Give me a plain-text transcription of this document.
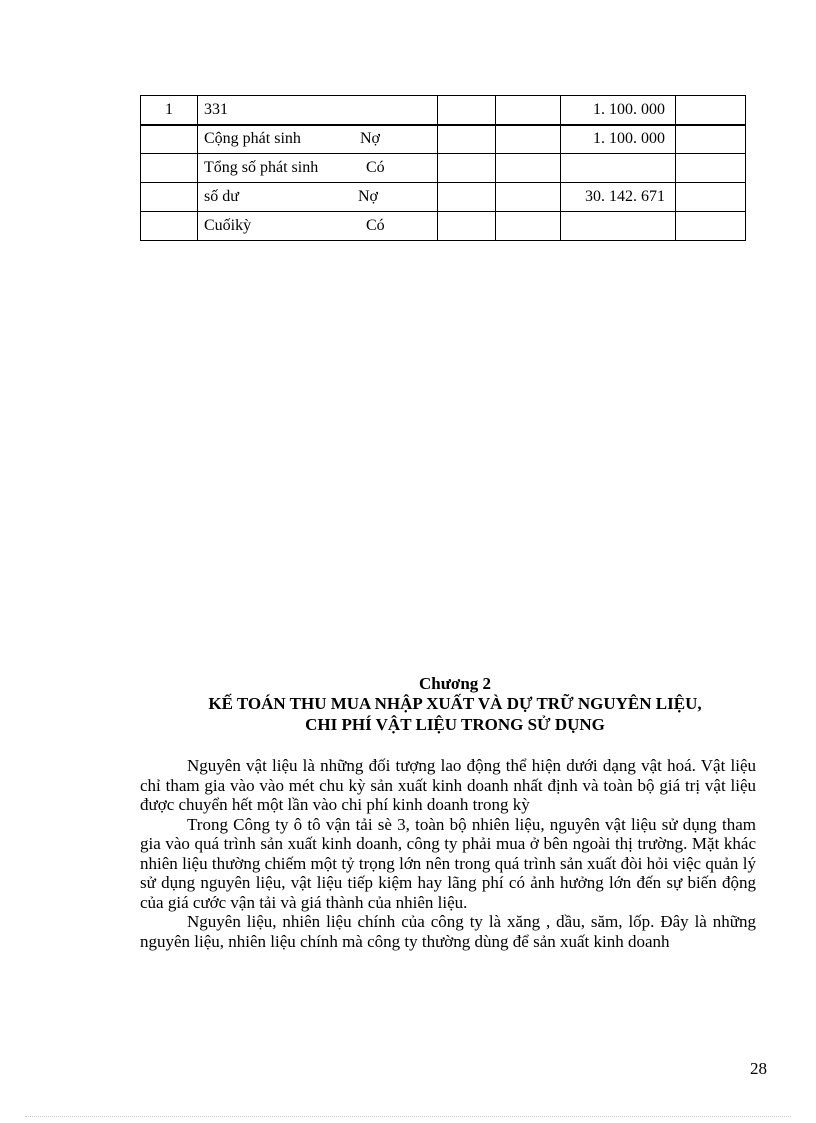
1	331			1. 100. 000	
	Cộng phát sinh Nợ			1. 100. 000	
	Tổng số phát sinh Có				

	số dư Nợ			30. 142. 671	
	Cuốikỳ Có				

Chương 2
KẾ TOÁN THU MUA NHẬP XUẤT VÀ DỰ TRỮ NGUYÊN LIỆU,
CHI PHÍ VẬT LIỆU TRONG SỬ DỤNG

Nguyên vật liệu là những đối tượng lao động thể hiện dưới dạng vật hoá. Vật liệu chỉ tham gia vào vào mét chu kỳ sản xuất kinh doanh nhất định và toàn bộ giá trị vật liệu được chuyển hết một lần vào chi phí kinh doanh trong kỳ

Trong Công ty ô tô vận tải sè 3, toàn bộ nhiên liệu, nguyên vật liệu sử dụng tham gia vào quá trình sản xuất kinh doanh, công ty phải mua ở bên ngoài thị trường. Mặt khác nhiên liệu thường chiếm một tỷ trọng lớn nên trong quá trình sản xuất đòi hỏi việc quản lý sử dụng nguyên liệu, vật liệu tiếp kiệm hay lãng phí có ảnh hưởng lớn đến sự biến động của giá cước vận tải và giá thành của nhiên liệu.

Nguyên liệu, nhiên liệu chính của công ty là xăng , dầu, săm, lốp. Đây là những nguyên liệu, nhiên liệu chính mà công ty thường dùng để sản xuất kinh doanh

28
